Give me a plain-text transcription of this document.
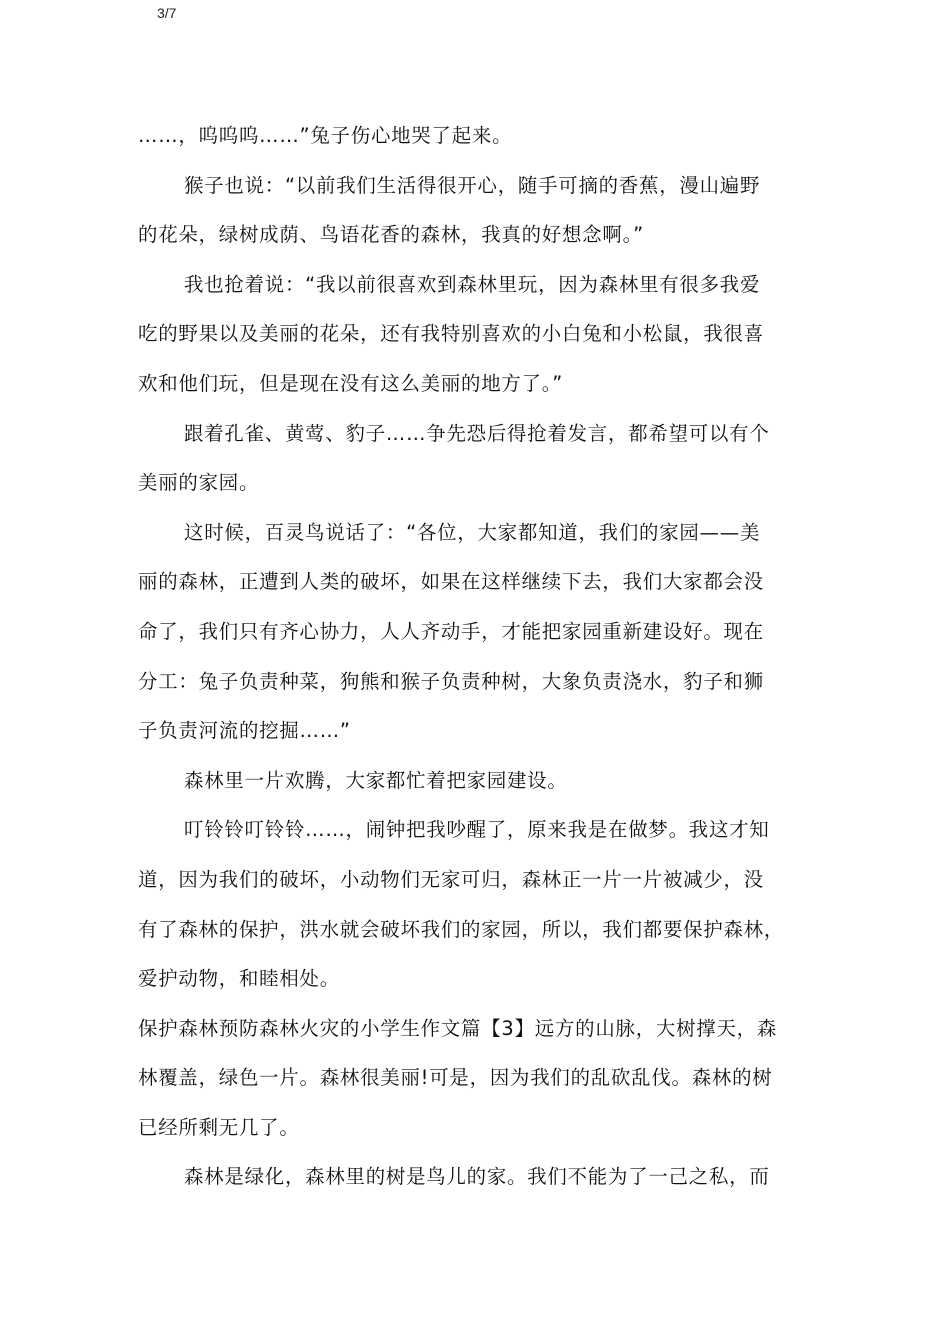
3/7

……，呜呜呜……”兔子伤心地哭了起来。

猴子也说：“以前我们生活得很开心，随手可摘的香蕉，漫山遍野
的花朵，绿树成荫、鸟语花香的森林，我真的好想念啊。”

我也抢着说：“我以前很喜欢到森林里玩，因为森林里有很多我爱
吃的野果以及美丽的花朵，还有我特别喜欢的小白兔和小松鼠，我很喜
欢和他们玩，但是现在没有这么美丽的地方了。”

跟着孔雀、黄莺、豹子……争先恐后得抢着发言，都希望可以有个
美丽的家园。

这时候，百灵鸟说话了：“各位，大家都知道，我们的家园——美
丽的森林，正遭到人类的破坏，如果在这样继续下去，我们大家都会没
命了，我们只有齐心协力，人人齐动手，才能把家园重新建设好。现在
分工：兔子负责种菜，狗熊和猴子负责种树，大象负责浇水，豹子和狮
子负责河流的挖掘……”

森林里一片欢腾，大家都忙着把家园建设。

叮铃铃叮铃铃……，闹钟把我吵醒了，原来我是在做梦。我这才知
道，因为我们的破坏，小动物们无家可归，森林正一片一片被减少，没
有了森林的保护，洪水就会破坏我们的家园，所以，我们都要保护森林，
爱护动物，和睦相处。

保护森林预防森林火灾的小学生作文篇【3】远方的山脉，大树撑天，森
林覆盖，绿色一片。森林很美丽!可是，因为我们的乱砍乱伐。森林的树
已经所剩无几了。

森林是绿化，森林里的树是鸟儿的家。我们不能为了一己之私，而
